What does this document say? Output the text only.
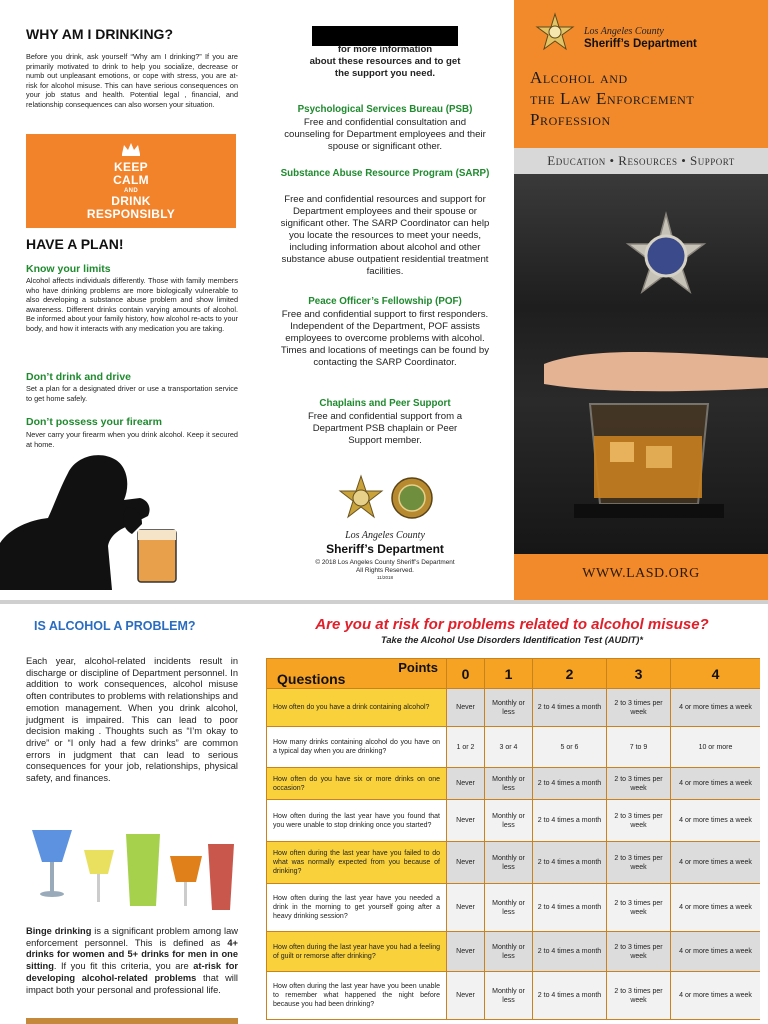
WHY AM I DRINKING?
Before you drink, ask yourself “Why am I drinking?” If you are primarily motivated to drink to help you socialize, decrease or numb out unpleasant emotions, or cope with stress, you are at-risk for alcohol misuse. This can have serious consequences on your job status and health. Potential legal , financial, and relationship consequences can also worsen your situation.
KEEP
CALM
AND
DRINK
RESPONSIBLY
HAVE A PLAN!
Know your limits
Alcohol affects individuals differently. Those with family members who have drinking problems are more biologically vulnerable to also developing a substance abuse problem and show limited awareness. Different drinks contain varying amounts of alcohol. Be informed about your family history, how alcohol re-acts to your body, and how it interacts with any medication you are taking.
Don’t drink and drive
Set a plan for a designated driver or use a transportation service to get home safely.
Don’t possess your firearm
Never carry your firearm when you drink alcohol. Keep it secured at home.
for more information
about these resources and to get
the support you need.
Psychological Services Bureau (PSB)
Free and confidential consultation and counseling for Department employees and their spouse or significant other.
Substance Abuse Resource Program (SARP)
Free and confidential resources and support for Department employees and their spouse or significant other. The SARP Coordinator can help you locate the resources to meet your needs, including information about alcohol and other substance abuse outpatient residential treatment facilities.
Peace Officer’s Fellowship (POF)
Free and confidential support to first responders. Independent of the Department, POF assists employees to overcome problems with alcohol. Times and locations of meetings can be found by contacting the SARP Coordinator.
Chaplains and Peer Support
Free and confidential support from a Department PSB chaplain or Peer Support member.
Los Angeles County
Sheriff’s Department
© 2018 Los Angeles County Sheriff’s Department
All Rights Reserved.
11/2018
Los Angeles County
Sheriff’s Department
Alcohol and
the Law Enforcement
Profession
Education • Resources • Support
WWW.LASD.ORG
IS ALCOHOL A PROBLEM?
Each year, alcohol-related incidents result in discharge or discipline of Department personnel. In addition to work consequences, alcohol misuse often contributes to problems with relationships and emotion management. When you drink alcohol, judgment is impaired. This can lead to poor decision making . Thoughts such as “I’m okay to drive” or “I only had a few drinks” are common errors in judgment that can lead to serious consequences for your job, relationships, physical safety, and finances.
Binge drinking is a significant problem among law enforcement personnel. This is defined as 4+ drinks for women and 5+ drinks for men in one sitting. If you fit this criteria, you are at-risk for developing alcohol-related problems that will impact both your personal and professional life.
Are you at risk for problems related to alcohol misuse?
Take the Alcohol Use Disorders Identification Test (AUDIT)*
Points
Questions	0	1	2	3	4
How often do you have a drink containing alcohol?	Never	Monthly or less	2 to 4 times a month	2 to 3 times per week	4 or more times a week
How many drinks containing alcohol do you have on a typical day when you are drinking?	1 or 2	3 or 4	5 or 6	7 to 9	10 or more
How often do you have six or more drinks on one occasion?	Never	Monthly or less	2 to 4 times a month	2 to 3 times per week	4 or more times a week
How often during the last year have you found that you were unable to stop drinking once you started?	Never	Monthly or less	2 to 4 times a month	2 to 3 times per week	4 or more times a week
How often during the last year have you failed to do what was normally expected from you because of drinking?	Never	Monthly or less	2 to 4 times a month	2 to 3 times per week	4 or more times a week
How often during the last year have you needed a drink in the morning to get yourself going after a heavy drinking session?	Never	Monthly or less	2 to 4 times a month	2 to 3 times per week	4 or more times a week
How often during the last year have you had a feeling of guilt or remorse after drinking?	Never	Monthly or less	2 to 4 times a month	2 to 3 times per week	4 or more times a week
How often during the last year have you been unable to remember what happened the night before because you had been drinking?	Never	Monthly or less	2 to 4 times a month	2 to 3 times per week	4 or more times a week
